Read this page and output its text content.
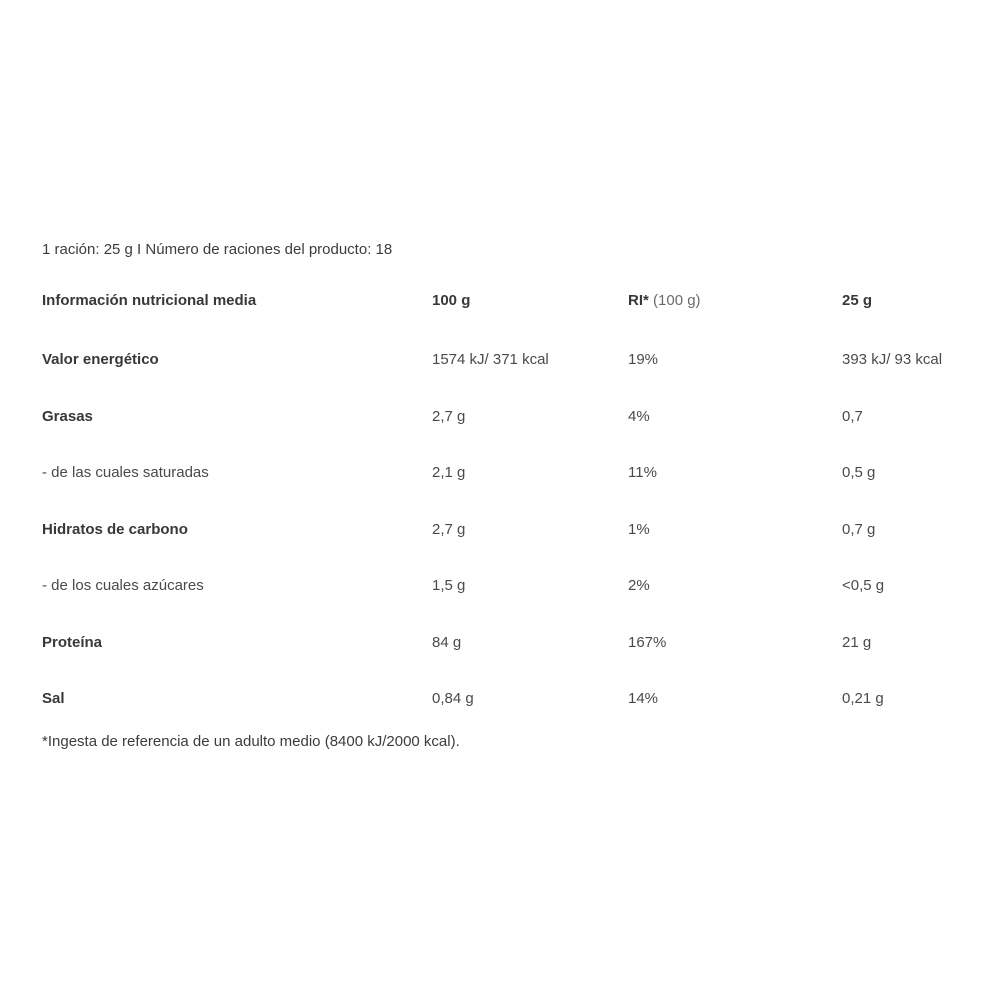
1 ración: 25 g I Número de raciones del producto: 18
Información nutricional media	100 g	RI* (100 g)	25 g
Valor energético	1574 kJ/ 371 kcal	19%	393 kJ/ 93 kcal
Grasas	2,7 g	4%	0,7
- de las cuales saturadas	2,1 g	11%	0,5 g
Hidratos de carbono	2,7 g	1%	0,7 g
- de los cuales azúcares	1,5 g	2%	<0,5 g
Proteína	84 g	167%	21 g
Sal	0,84 g	14%	0,21 g
*Ingesta de referencia de un adulto medio (8400 kJ/2000 kcal).
